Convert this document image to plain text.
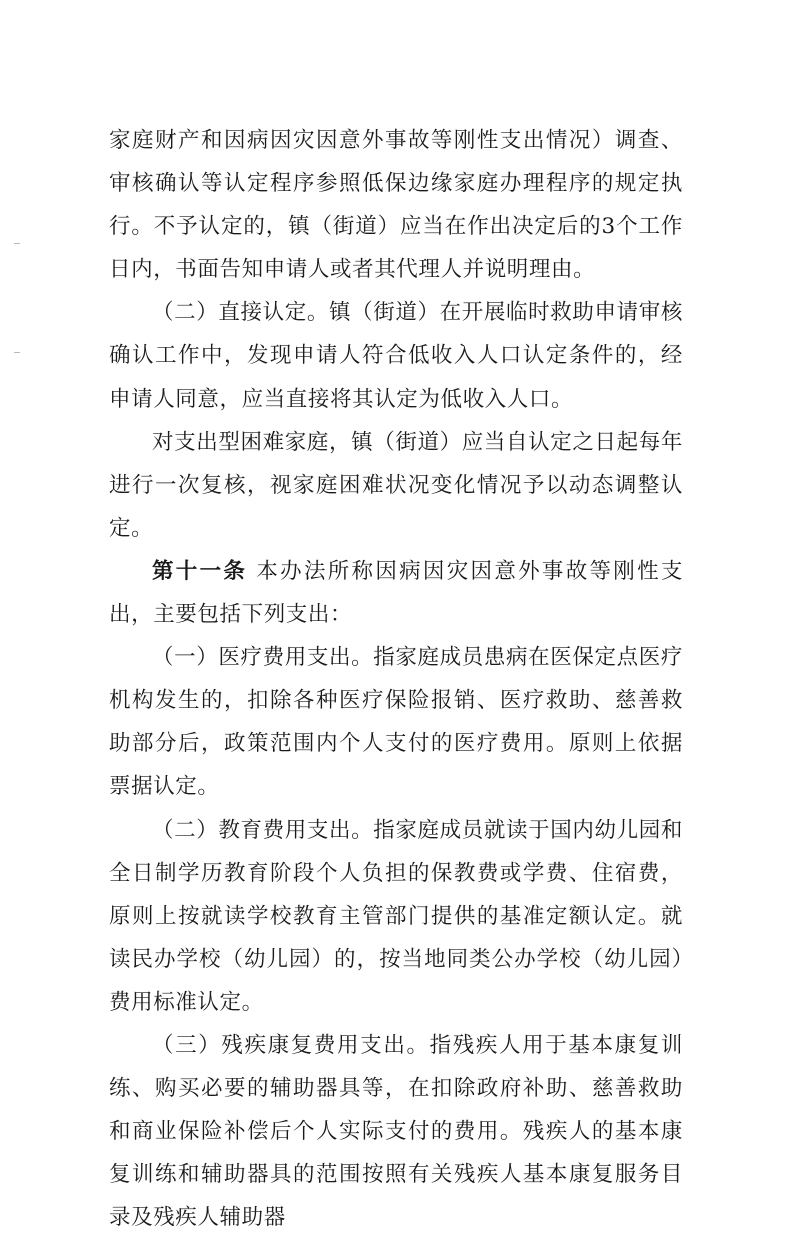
家庭财产和因病因灾因意外事故等刚性支出情况）调查、审核确认等认定程序参照低保边缘家庭办理程序的规定执行。不予认定的，镇（街道）应当在作出决定后的3个工作日内，书面告知申请人或者其代理人并说明理由。

（二）直接认定。镇（街道）在开展临时救助申请审核确认工作中，发现申请人符合低收入人口认定条件的，经申请人同意，应当直接将其认定为低收入人口。

对支出型困难家庭，镇（街道）应当自认定之日起每年进行一次复核，视家庭困难状况变化情况予以动态调整认定。

第十一条 本办法所称因病因灾因意外事故等刚性支出，主要包括下列支出：

（一）医疗费用支出。指家庭成员患病在医保定点医疗机构发生的，扣除各种医疗保险报销、医疗救助、慈善救助部分后，政策范围内个人支付的医疗费用。原则上依据票据认定。

（二）教育费用支出。指家庭成员就读于国内幼儿园和全日制学历教育阶段个人负担的保教费或学费、住宿费，原则上按就读学校教育主管部门提供的基准定额认定。就读民办学校（幼儿园）的，按当地同类公办学校（幼儿园）费用标准认定。

（三）残疾康复费用支出。指残疾人用于基本康复训练、购买必要的辅助器具等，在扣除政府补助、慈善救助和商业保险补偿后个人实际支付的费用。残疾人的基本康复训练和辅助器具的范围按照有关残疾人基本康复服务目录及残疾人辅助器
